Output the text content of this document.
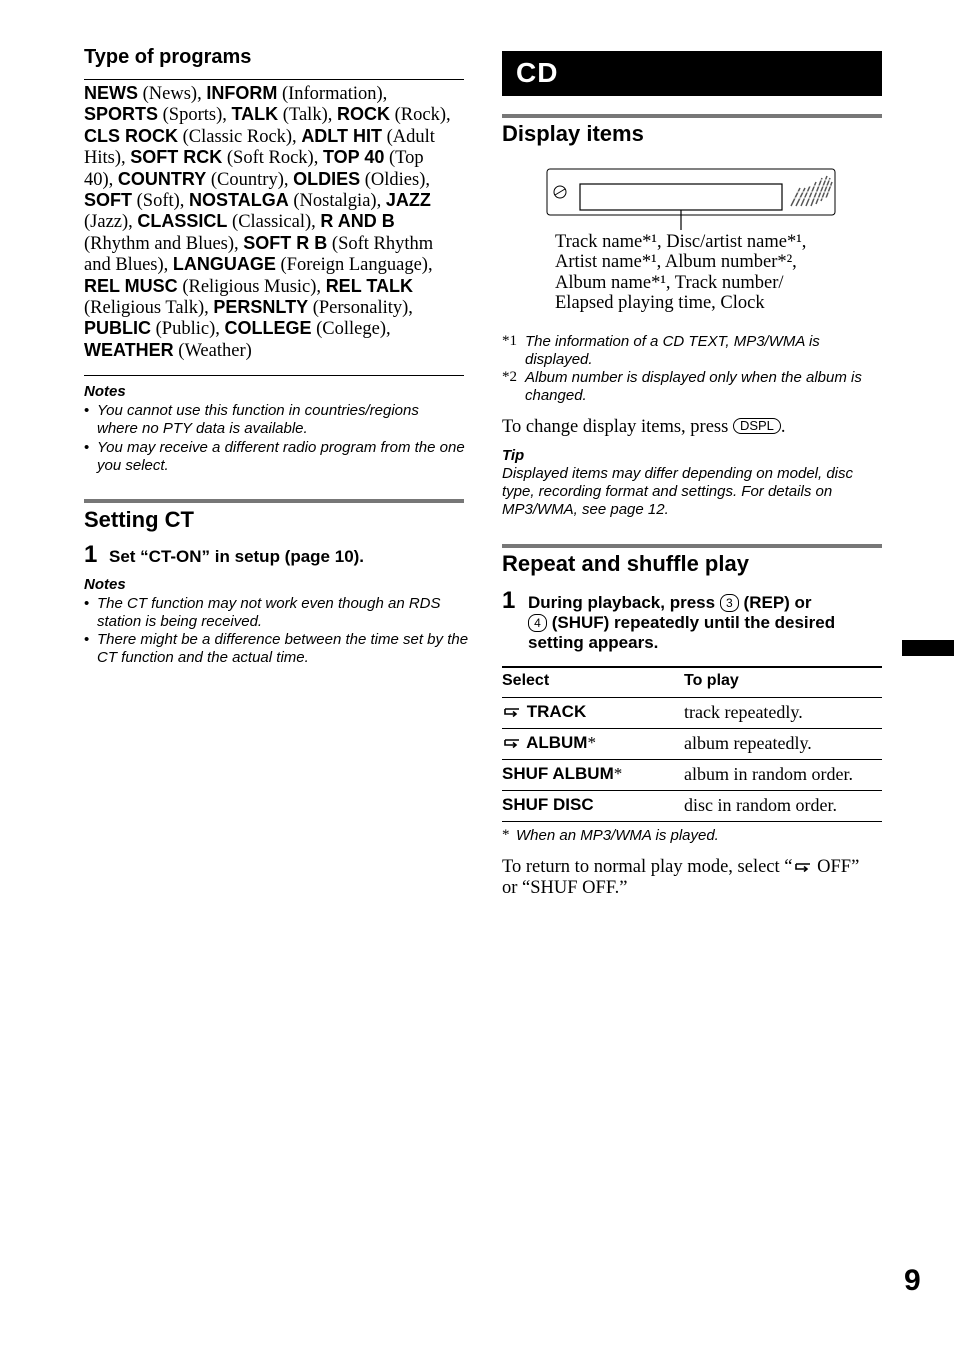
Type of programs
NEWS (News), INFORM (Information), SPORTS (Sports), TALK (Talk), ROCK (Rock), CLS ROCK (Classic Rock), ADLT HIT (Adult Hits), SOFT RCK (Soft Rock), TOP 40 (Top 40), COUNTRY (Country), OLDIES (Oldies), SOFT (Soft), NOSTALGA (Nostalgia), JAZZ (Jazz), CLASSICL (Classical), R AND B (Rhythm and Blues), SOFT R B (Soft Rhythm and Blues), LANGUAGE (Foreign Language), REL MUSC (Religious Music), REL TALK (Religious Talk), PERSNLTY (Personality), PUBLIC (Public), COLLEGE (College), WEATHER (Weather)
Notes
• You cannot use this function in countries/regions where no PTY data is available.
• You may receive a different radio program from the one you select.
Setting CT
1 Set “CT-ON” in setup (page 10).
Notes
• The CT function may not work even though an RDS station is being received.
• There might be a difference between the time set by the CT function and the actual time.
CD
Display items
Track name*¹, Disc/artist name*¹,
Artist name*¹, Album number*²,
Album name*¹, Track number/
Elapsed playing time, Clock
*1 The information of a CD TEXT, MP3/WMA is displayed.
*2 Album number is displayed only when the album is changed.
To change display items, press DSPL .
Tip
Displayed items may differ depending on model, disc type, recording format and settings. For details on MP3/WMA, see page 12.
Repeat and shuffle play
1 During playback, press 3 (REP) or
4 (SHUF) repeatedly until the desired setting appears.
Select	To play
TRACK	track repeatedly.
ALBUM*	album repeatedly.
SHUF ALBUM*	album in random order.
SHUF DISC	disc in random order.
* When an MP3/WMA is played.
To return to normal play mode, select “ OFF”
or “SHUF OFF.”
9
